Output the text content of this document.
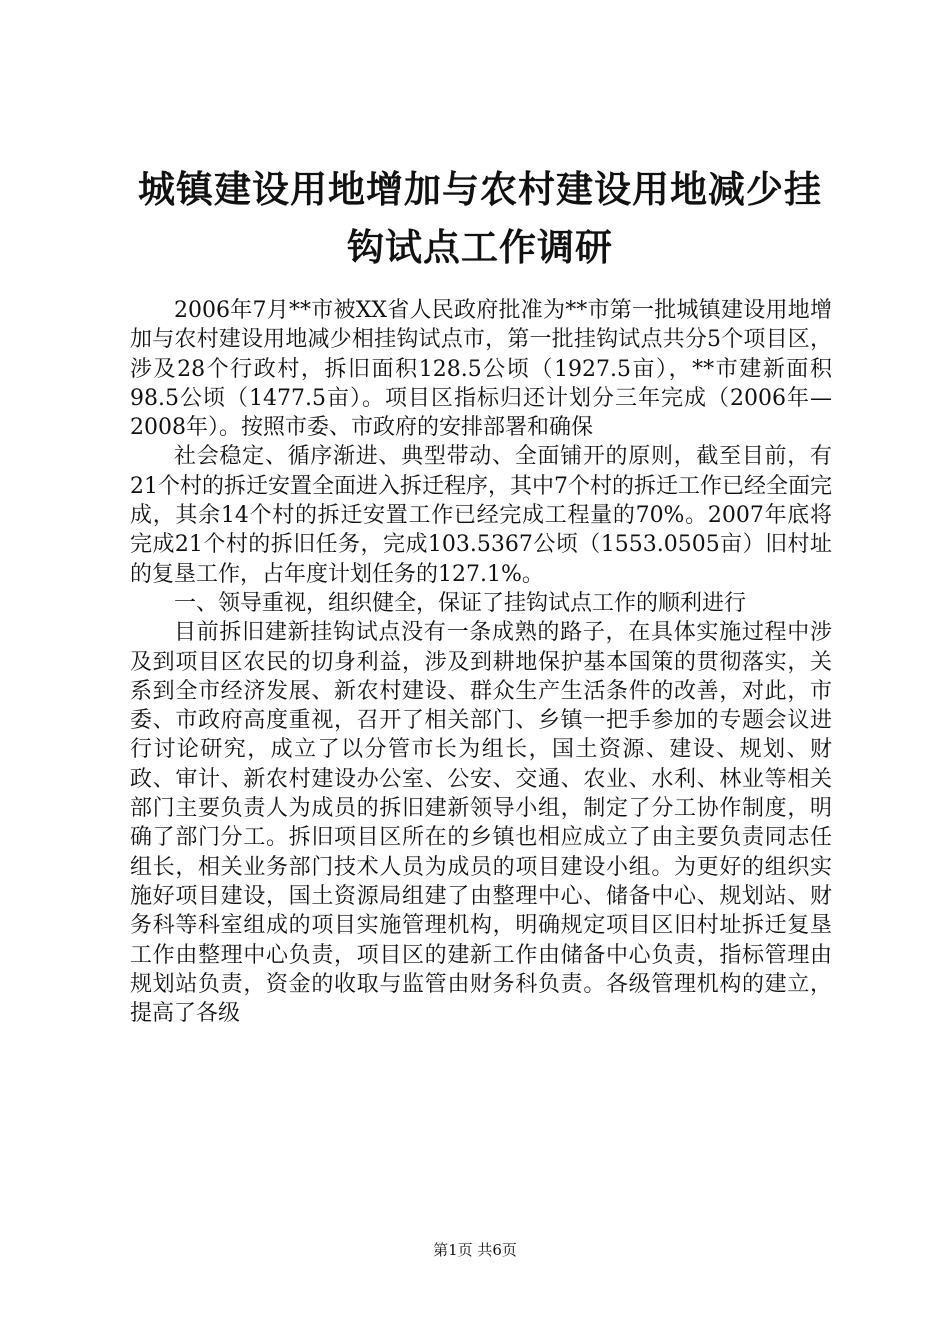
城镇建设用地增加与农村建设用地减少挂钩试点工作调研

2006年7月**市被XX省人民政府批准为**市第一批城镇建设用地增加与农村建设用地减少相挂钩试点市，第一批挂钩试点共分5个项目区，涉及28个行政村，拆旧面积128.5公顷（1927.5亩），**市建新面积98.5公顷（1477.5亩）。项目区指标归还计划分三年完成（2006年—2008年）。按照市委、市政府的安排部署和确保

社会稳定、循序渐进、典型带动、全面铺开的原则，截至目前，有21个村的拆迁安置全面进入拆迁程序，其中7个村的拆迁工作已经全面完成，其余14个村的拆迁安置工作已经完成工程量的70%。2007年底将完成21个村的拆旧任务，完成103.5367公顷（1553.0505亩）旧村址的复垦工作，占年度计划任务的127.1%。

一、领导重视，组织健全，保证了挂钩试点工作的顺利进行

目前拆旧建新挂钩试点没有一条成熟的路子，在具体实施过程中涉及到项目区农民的切身利益，涉及到耕地保护基本国策的贯彻落实，关系到全市经济发展、新农村建设、群众生产生活条件的改善，对此，市委、市政府高度重视，召开了相关部门、乡镇一把手参加的专题会议进行讨论研究，成立了以分管市长为组长，国土资源、建设、规划、财政、审计、新农村建设办公室、公安、交通、农业、水利、林业等相关部门主要负责人为成员的拆旧建新领导小组，制定了分工协作制度，明确了部门分工。拆旧项目区所在的乡镇也相应成立了由主要负责同志任组长，相关业务部门技术人员为成员的项目建设小组。为更好的组织实施好项目建设，国土资源局组建了由整理中心、储备中心、规划站、财务科等科室组成的项目实施管理机构，明确规定项目区旧村址拆迁复垦工作由整理中心负责，项目区的建新工作由储备中心负责，指标管理由规划站负责，资金的收取与监管由财务科负责。各级管理机构的建立，提高了各级

第1页 共6页
